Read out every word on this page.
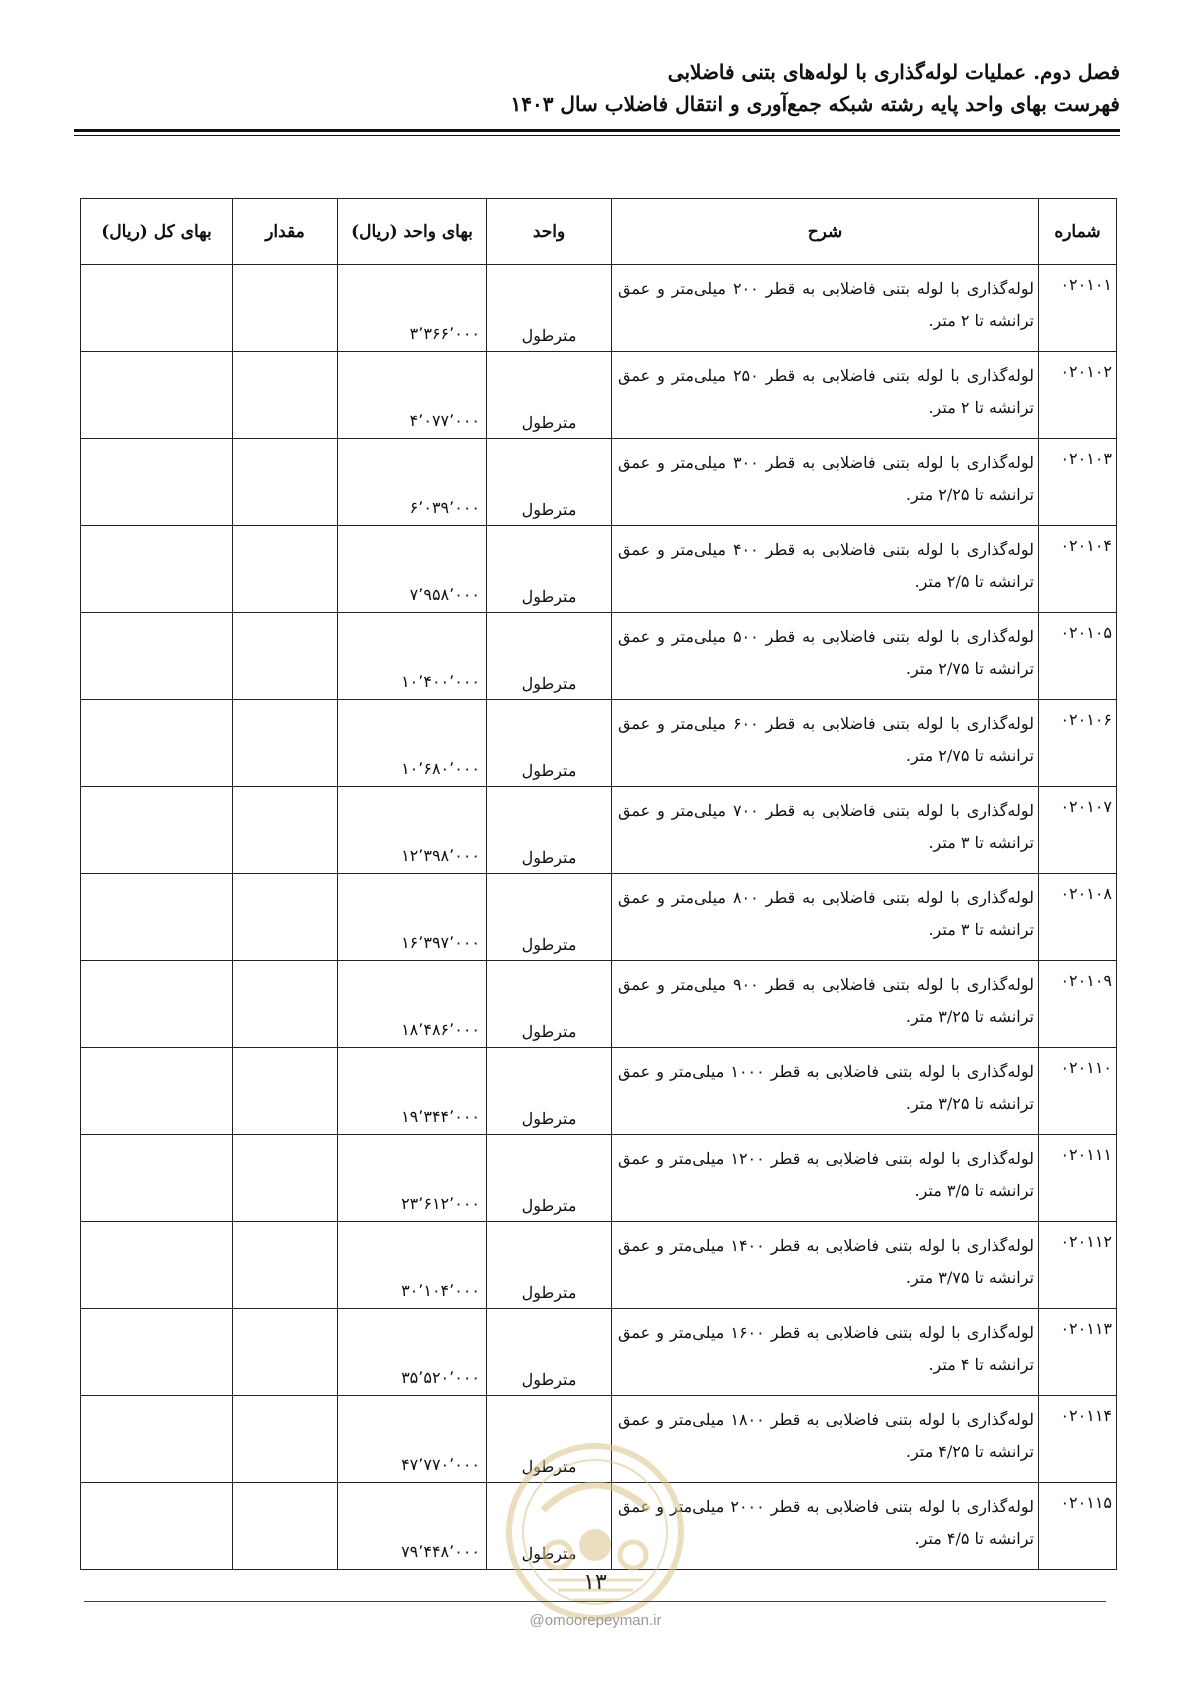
فصل دوم. عملیات لوله‌گذاری با لوله‌های بتنی فاضلابی
فهرست بهای واحد پایه رشته شبکه جمع‌آوری و انتقال فاضلاب سال ۱۴۰۳
شماره	شرح	واحد	بهای واحد (ریال)	مقدار	بهای کل (ریال)
۰۲۰۱۰۱	لوله‌گذاری با لوله بتنی فاضلابی به قطر ۲۰۰ میلی‌متر و عمق ترانشه تا ۲ متر.	مترطول	۳٬۳۶۶٬۰۰۰		
۰۲۰۱۰۲	لوله‌گذاری با لوله بتنی فاضلابی به قطر ۲۵۰ میلی‌متر و عمق ترانشه تا ۲ متر.	مترطول	۴٬۰۷۷٬۰۰۰		
۰۲۰۱۰۳	لوله‌گذاری با لوله بتنی فاضلابی به قطر ۳۰۰ میلی‌متر و عمق ترانشه تا ۲/۲۵ متر.	مترطول	۶٬۰۳۹٬۰۰۰		
۰۲۰۱۰۴	لوله‌گذاری با لوله بتنی فاضلابی به قطر ۴۰۰ میلی‌متر و عمق ترانشه تا ۲/۵ متر.	مترطول	۷٬۹۵۸٬۰۰۰		
۰۲۰۱۰۵	لوله‌گذاری با لوله بتنی فاضلابی به قطر ۵۰۰ میلی‌متر و عمق ترانشه تا ۲/۷۵ متر.	مترطول	۱۰٬۴۰۰٬۰۰۰		
۰۲۰۱۰۶	لوله‌گذاری با لوله بتنی فاضلابی به قطر ۶۰۰ میلی‌متر و عمق ترانشه تا ۲/۷۵ متر.	مترطول	۱۰٬۶۸۰٬۰۰۰		
۰۲۰۱۰۷	لوله‌گذاری با لوله بتنی فاضلابی به قطر ۷۰۰ میلی‌متر و عمق ترانشه تا ۳ متر.	مترطول	۱۲٬۳۹۸٬۰۰۰		
۰۲۰۱۰۸	لوله‌گذاری با لوله بتنی فاضلابی به قطر ۸۰۰ میلی‌متر و عمق ترانشه تا ۳ متر.	مترطول	۱۶٬۳۹۷٬۰۰۰		
۰۲۰۱۰۹	لوله‌گذاری با لوله بتنی فاضلابی به قطر ۹۰۰ میلی‌متر و عمق ترانشه تا ۳/۲۵ متر.	مترطول	۱۸٬۴۸۶٬۰۰۰		
۰۲۰۱۱۰	لوله‌گذاری با لوله بتنی فاضلابی به قطر ۱۰۰۰ میلی‌متر و عمق ترانشه تا ۳/۲۵ متر.	مترطول	۱۹٬۳۴۴٬۰۰۰		
۰۲۰۱۱۱	لوله‌گذاری با لوله بتنی فاضلابی به قطر ۱۲۰۰ میلی‌متر و عمق ترانشه تا ۳/۵ متر.	مترطول	۲۳٬۶۱۲٬۰۰۰		
۰۲۰۱۱۲	لوله‌گذاری با لوله بتنی فاضلابی به قطر ۱۴۰۰ میلی‌متر و عمق ترانشه تا ۳/۷۵ متر.	مترطول	۳۰٬۱۰۴٬۰۰۰		
۰۲۰۱۱۳	لوله‌گذاری با لوله بتنی فاضلابی به قطر ۱۶۰۰ میلی‌متر و عمق ترانشه تا ۴ متر.	مترطول	۳۵٬۵۲۰٬۰۰۰		
۰۲۰۱۱۴	لوله‌گذاری با لوله بتنی فاضلابی به قطر ۱۸۰۰ میلی‌متر و عمق ترانشه تا ۴/۲۵ متر.	مترطول	۴۷٬۷۷۰٬۰۰۰		
۰۲۰۱۱۵	لوله‌گذاری با لوله بتنی فاضلابی به قطر ۲۰۰۰ میلی‌متر و عمق ترانشه تا ۴/۵ متر.	مترطول	۷۹٬۴۴۸٬۰۰۰		
۱۳
@omoorepeyman.ir
